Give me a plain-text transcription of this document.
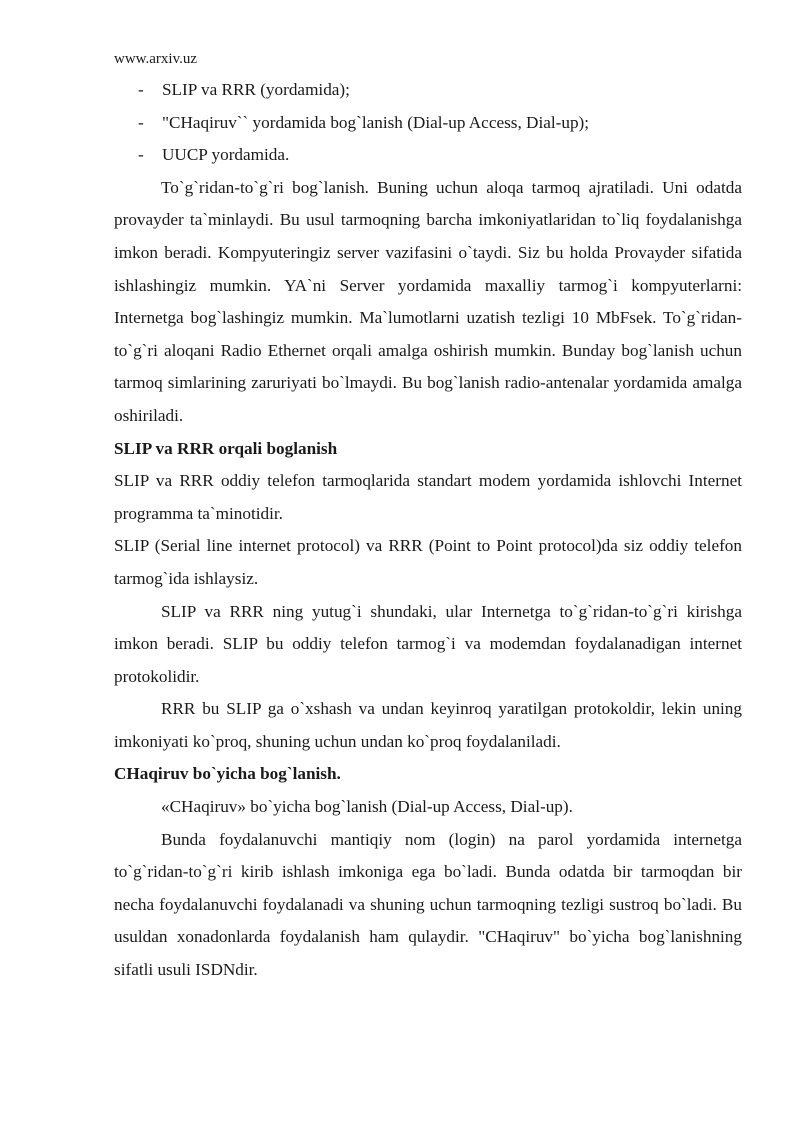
www.arxiv.uz
-	SLIP va RRR (yordamida);
-	"CHaqiruv`` yordamida bog`lanish (Dial-up Access, Dial-up);
-	UUCP yordamida.

To`g`ridan-to`g`ri bog`lanish. Buning uchun aloqa tarmoq ajratiladi. Uni odatda provayder ta`minlaydi. Bu usul tarmoqning barcha imkoniyatlaridan to`liq foydalanishga imkon beradi. Kompyuteringiz server vazifasini o`taydi. Siz bu holda Provayder sifatida ishlashingiz mumkin. YA`ni Server yordamida maxalliy tarmog`i kompyuterlarni: Internetga bog`lashingiz mumkin. Ma`lumotlarni uzatish tezligi 10 MbFsek. To`g`ridan-to`g`ri aloqani Radio Ethernet orqali amalga oshirish mumkin. Bunday bog`lanish uchun tarmoq simlarining zaruriyati bo`lmaydi. Bu bog`lanish radio-antenalar yordamida amalga oshiriladi.

SLIP va RRR orqali boglanish

SLIP va RRR oddiy telefon tarmoqlarida standart modem yordamida ishlovchi Internet programma ta`minotidir.

SLIP (Serial line internet protocol) va RRR (Point to Point protocol)da siz oddiy telefon tarmog`ida ishlaysiz.

SLIP va RRR ning yutug`i shundaki, ular Internetga to`g`ridan-to`g`ri kirishga imkon beradi. SLIP bu oddiy telefon tarmog`i va modemdan foydalanadigan internet protokolidir.

RRR bu SLIP ga o`xshash va undan keyinroq yaratilgan protokoldir, lekin uning imkoniyati ko`proq, shuning uchun undan ko`proq foydalaniladi.

CHaqiruv bo`yicha bog`lanish.

«CHaqiruv» bo`yicha bog`lanish (Dial-up Access, Dial-up).

Bunda foydalanuvchi mantiqiy nom (login) na parol yordamida internetga to`g`ridan-to`g`ri kirib ishlash imkoniga ega bo`ladi. Bunda odatda bir tarmoqdan bir necha foydalanuvchi foydalanadi va shuning uchun tarmoqning tezligi sustroq bo`ladi. Bu usuldan xonadonlarda foydalanish ham qulaydir. "CHaqiruv" bo`yicha bog`lanishning sifatli usuli ISDNdir.
